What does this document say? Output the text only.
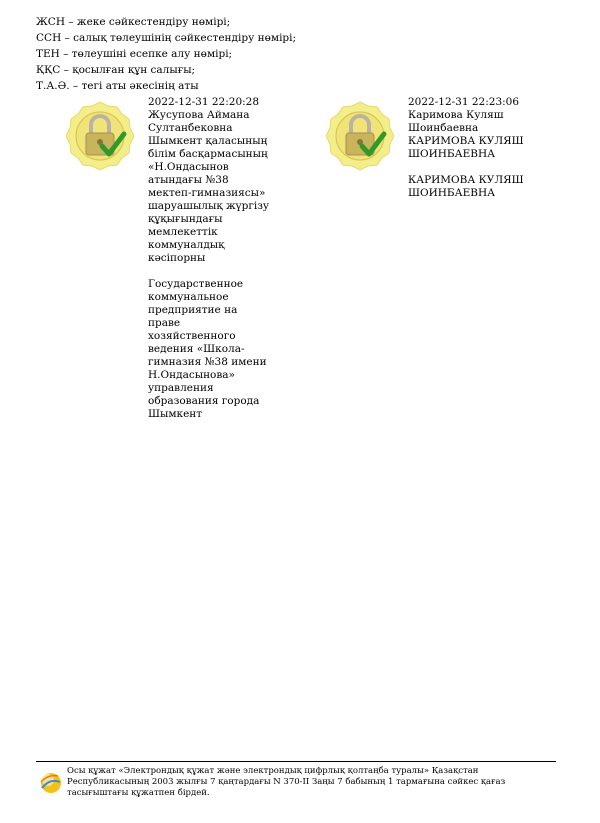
ЖСН – жеке сәйкестендіру нөмірі;
ССН – салық төлеушінің сәйкестендіру нөмірі;
ТЕН – төлеушіні есепке алу нөмірі;
ҚҚС – қосылған құн салығы;
Т.А.Ә. – тегі аты әкесінің аты
2022-12-31 22:20:28
Жусупова Аймана
Султанбековна
Шымкент қаласының
білім басқармасының
«Н.Ондасынов
атындағы №38
мектеп-гимназиясы»
шаруашылық жүргізу
құқығындағы
мемлекеттік
коммуналдық
кәсіпорны
Государственное
коммунальное
предприятие на
праве
хозяйственного
ведения «Школа-
гимназия №38 имени
Н.Ондасынова»
управления
образования города
Шымкент
2022-12-31 22:23:06
Каримова Куляш
Шоинбаевна
КАРИМОВА КУЛЯШ
ШОИНБАЕВНА
КАРИМОВА КУЛЯШ
ШОИНБАЕВНА
Осы құжат «Электрондық құжат және электрондық цифрлық қолтаңба туралы» Қазақстан
Республикасының 2003 жылғы 7 қаңтардағы N 370-II Заңы 7 бабының 1 тармағына сәйкес қағаз
тасығыштағы құжатпен бірдей.
